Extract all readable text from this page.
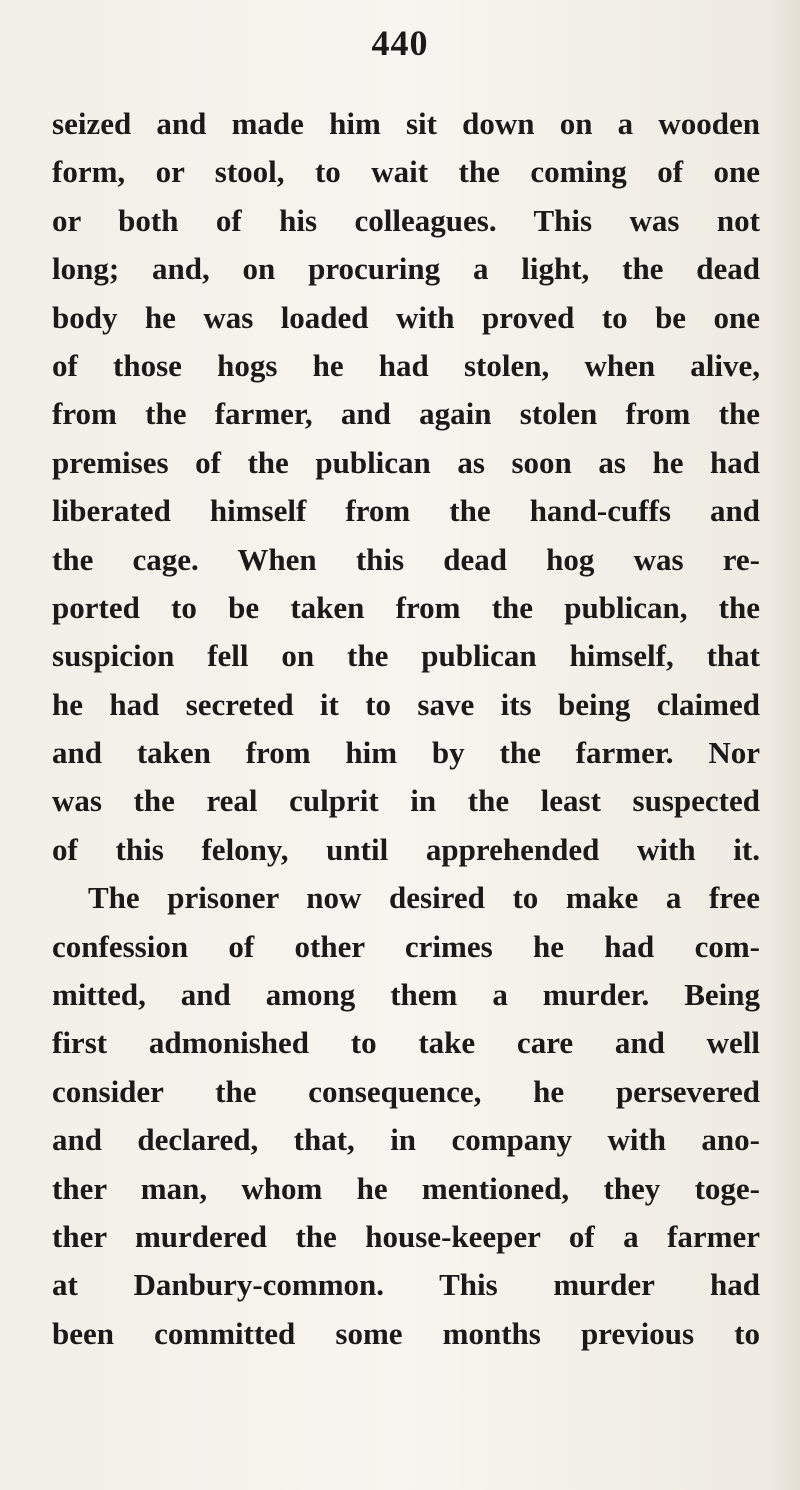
440
seized and made him sit down on a wooden
form, or stool, to wait the coming of one
or both of his colleagues. This was not
long; and, on procuring a light, the dead
body he was loaded with proved to be one
of those hogs he had stolen, when alive,
from the farmer, and again stolen from the
premises of the publican as soon as he had
liberated himself from the hand-cuffs and
the cage. When this dead hog was re-
ported to be taken from the publican, the
suspicion fell on the publican himself, that
he had secreted it to save its being claimed
and taken from him by the farmer. Nor
was the real culprit in the least suspected
of this felony, until apprehended with it.
The prisoner now desired to make a free
confession of other crimes he had com-
mitted, and among them a murder. Being
first admonished to take care and well
consider the consequence, he persevered
and declared, that, in company with ano-
ther man, whom he mentioned, they toge-
ther murdered the house-keeper of a farmer
at Danbury-common. This murder had
been committed some months previous to
